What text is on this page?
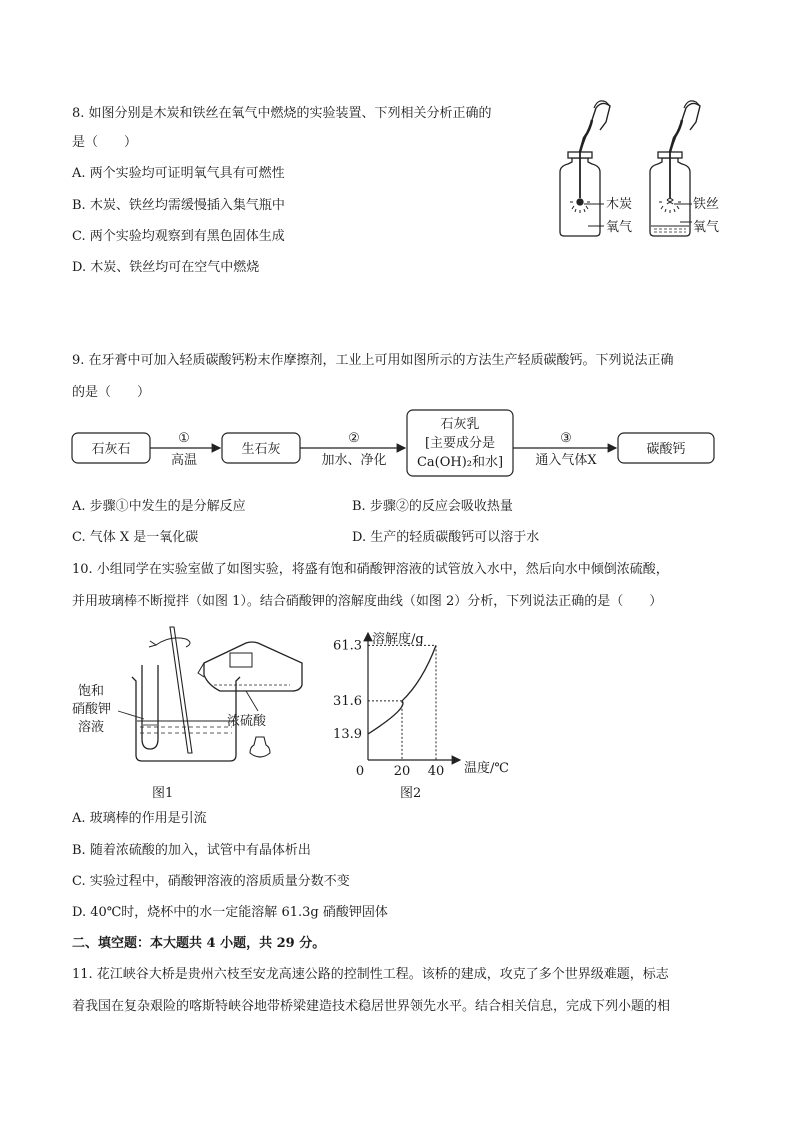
8. 如图分别是木炭和铁丝在氧气中燃烧的实验装置、下列相关分析正确的
是（　　）
A. 两个实验均可证明氧气具有可燃性
B. 木炭、铁丝均需缓慢插入集气瓶中
C. 两个实验均观察到有黑色固体生成
D. 木炭、铁丝均可在空气中燃烧
木炭
氧气
铁丝
氧气
9. 在牙膏中可加入轻质碳酸钙粉末作摩擦剂，工业上可用如图所示的方法生产轻质碳酸钙。下列说法正确
的是（　　）
石灰石
①
高温
生石灰
②
加水、净化
石灰乳
[主要成分是
Ca(OH)₂和水]
③
通入气体X
碳酸钙
A. 步骤①中发生的是分解反应	B. 步骤②的反应会吸收热量
C. 气体 X 是一氧化碳	D. 生产的轻质碳酸钙可以溶于水
10. 小组同学在实验室做了如图实验，将盛有饱和硝酸钾溶液的试管放入水中，然后向水中倾倒浓硫酸，
并用玻璃棒不断搅拌（如图 1）。结合硝酸钾的溶解度曲线（如图 2）分析，下列说法正确的是（　　）
饱和
硝酸钾
溶液	浓硫酸
图1
溶解度/g
温度/℃
13.9
31.6
61.3
0 20 40
图2
A. 玻璃棒的作用是引流
B. 随着浓硫酸的加入，试管中有晶体析出
C. 实验过程中，硝酸钾溶液的溶质质量分数不变
D. 40℃时，烧杯中的水一定能溶解 61.3g 硝酸钾固体
二、填空题：本大题共 4 小题，共 29 分。
11. 花江峡谷大桥是贵州六枝至安龙高速公路的控制性工程。该桥的建成，攻克了多个世界级难题，标志
着我国在复杂艰险的喀斯特峡谷地带桥梁建造技术稳居世界领先水平。结合相关信息，完成下列小题的相
